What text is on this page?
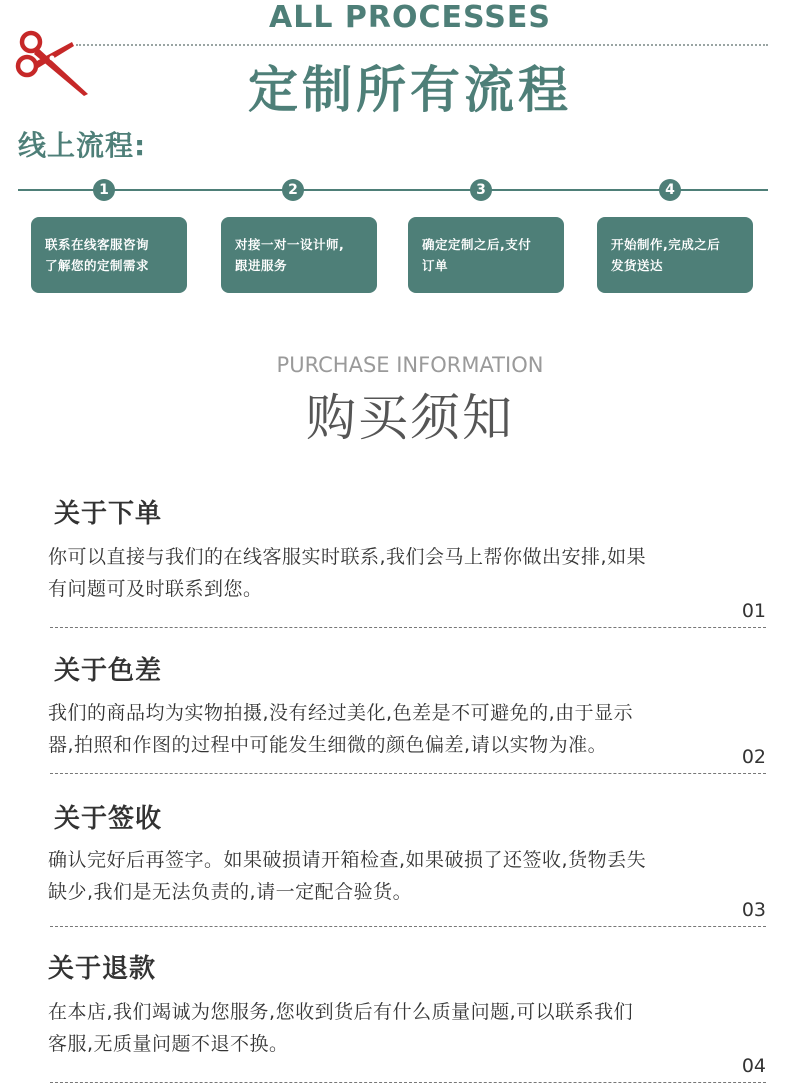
ALL PROCESSES
定制所有流程
线上流程:
1	2	3	4
联系在线客服咨询
了解您的定制需求
对接一对一设计师,
跟进服务
确定定制之后,支付
订单
开始制作,完成之后
发货送达
PURCHASE INFORMATION
购买须知
关于下单
你可以直接与我们的在线客服实时联系,我们会马上帮你做出安排,如果
有问题可及时联系到您。
01
关于色差
我们的商品均为实物拍摄,没有经过美化,色差是不可避免的,由于显示
器,拍照和作图的过程中可能发生细微的颜色偏差,请以实物为准。
02
关于签收
确认完好后再签字。如果破损请开箱检查,如果破损了还签收,货物丢失
缺少,我们是无法负责的,请一定配合验货。
03
关于退款
在本店,我们竭诚为您服务,您收到货后有什么质量问题,可以联系我们
客服,无质量问题不退不换。
04
